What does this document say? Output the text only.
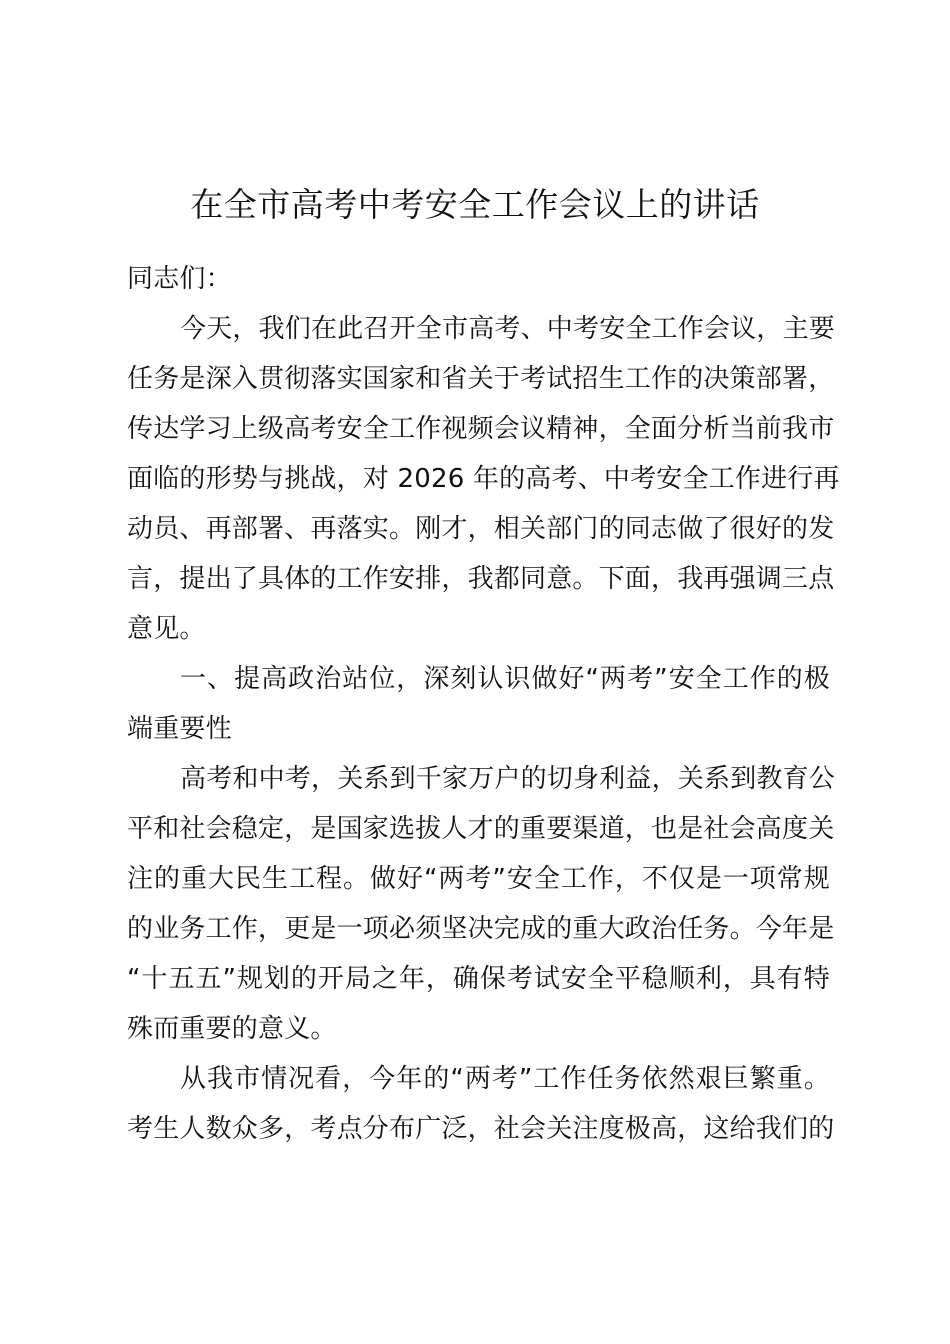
在全市高考中考安全工作会议上的讲话

同志们：

今天，我们在此召开全市高考、中考安全工作会议，主要

任务是深入贯彻落实国家和省关于考试招生工作的决策部署，

传达学习上级高考安全工作视频会议精神，全面分析当前我市

面临的形势与挑战，对 2026 年的高考、中考安全工作进行再

动员、再部署、再落实。刚才，相关部门的同志做了很好的发

言，提出了具体的工作安排，我都同意。下面，我再强调三点

意见。

一、提高政治站位，深刻认识做好“两考”安全工作的极

端重要性

高考和中考，关系到千家万户的切身利益，关系到教育公

平和社会稳定，是国家选拔人才的重要渠道，也是社会高度关

注的重大民生工程。做好“两考”安全工作，不仅是一项常规

的业务工作，更是一项必须坚决完成的重大政治任务。今年是

“十五五”规划的开局之年，确保考试安全平稳顺利，具有特

殊而重要的意义。

从我市情况看，今年的“两考”工作任务依然艰巨繁重。

考生人数众多，考点分布广泛，社会关注度极高，这给我们的
